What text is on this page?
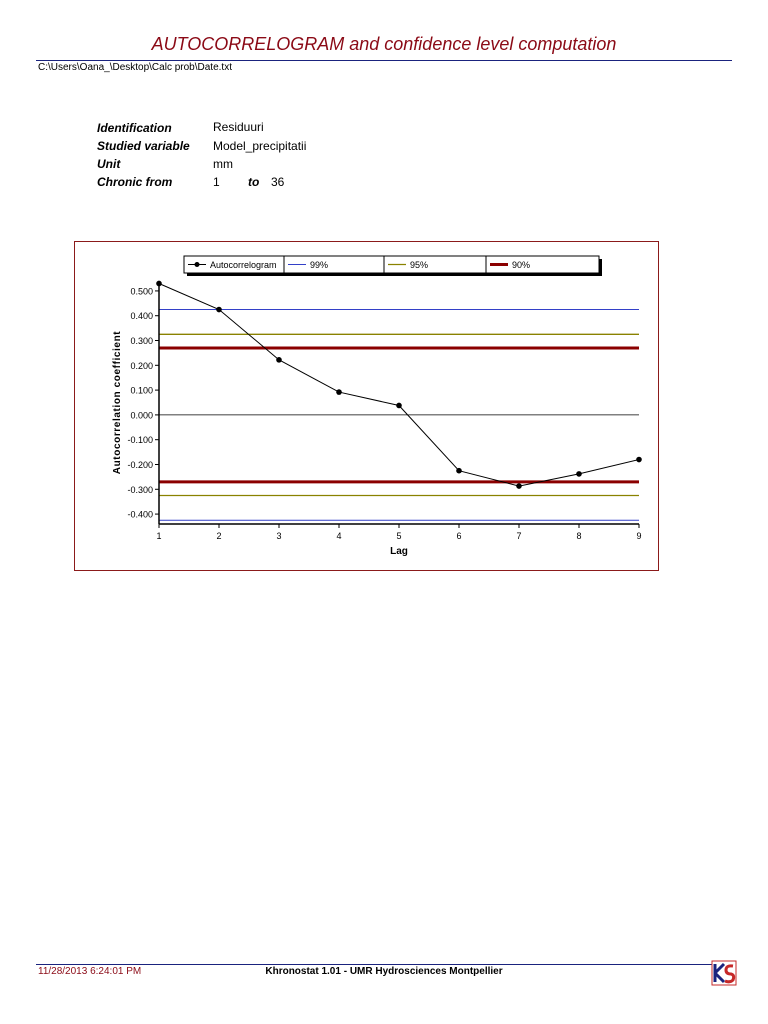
AUTOCORRELOGRAM and confidence level computation
C:\Users\Oana_\Desktop\Calc prob\Date.txt
Identification	Residuuri
Studied variable Model_precipitatii
Unit	mm
Chronic from	1 to 36
Autocorrelogram	99%	95%	90%
0.500
0.400
0.300
0.200
0.100
0.000
-0.100
-0.200
-0.300
-0.400
1	2	3	4	5	6	7	8	9
Lag
Autocorrelation coefficient
11/28/2013 6:24:01 PM	Khronostat 1.01 - UMR Hydrosciences Montpellier
